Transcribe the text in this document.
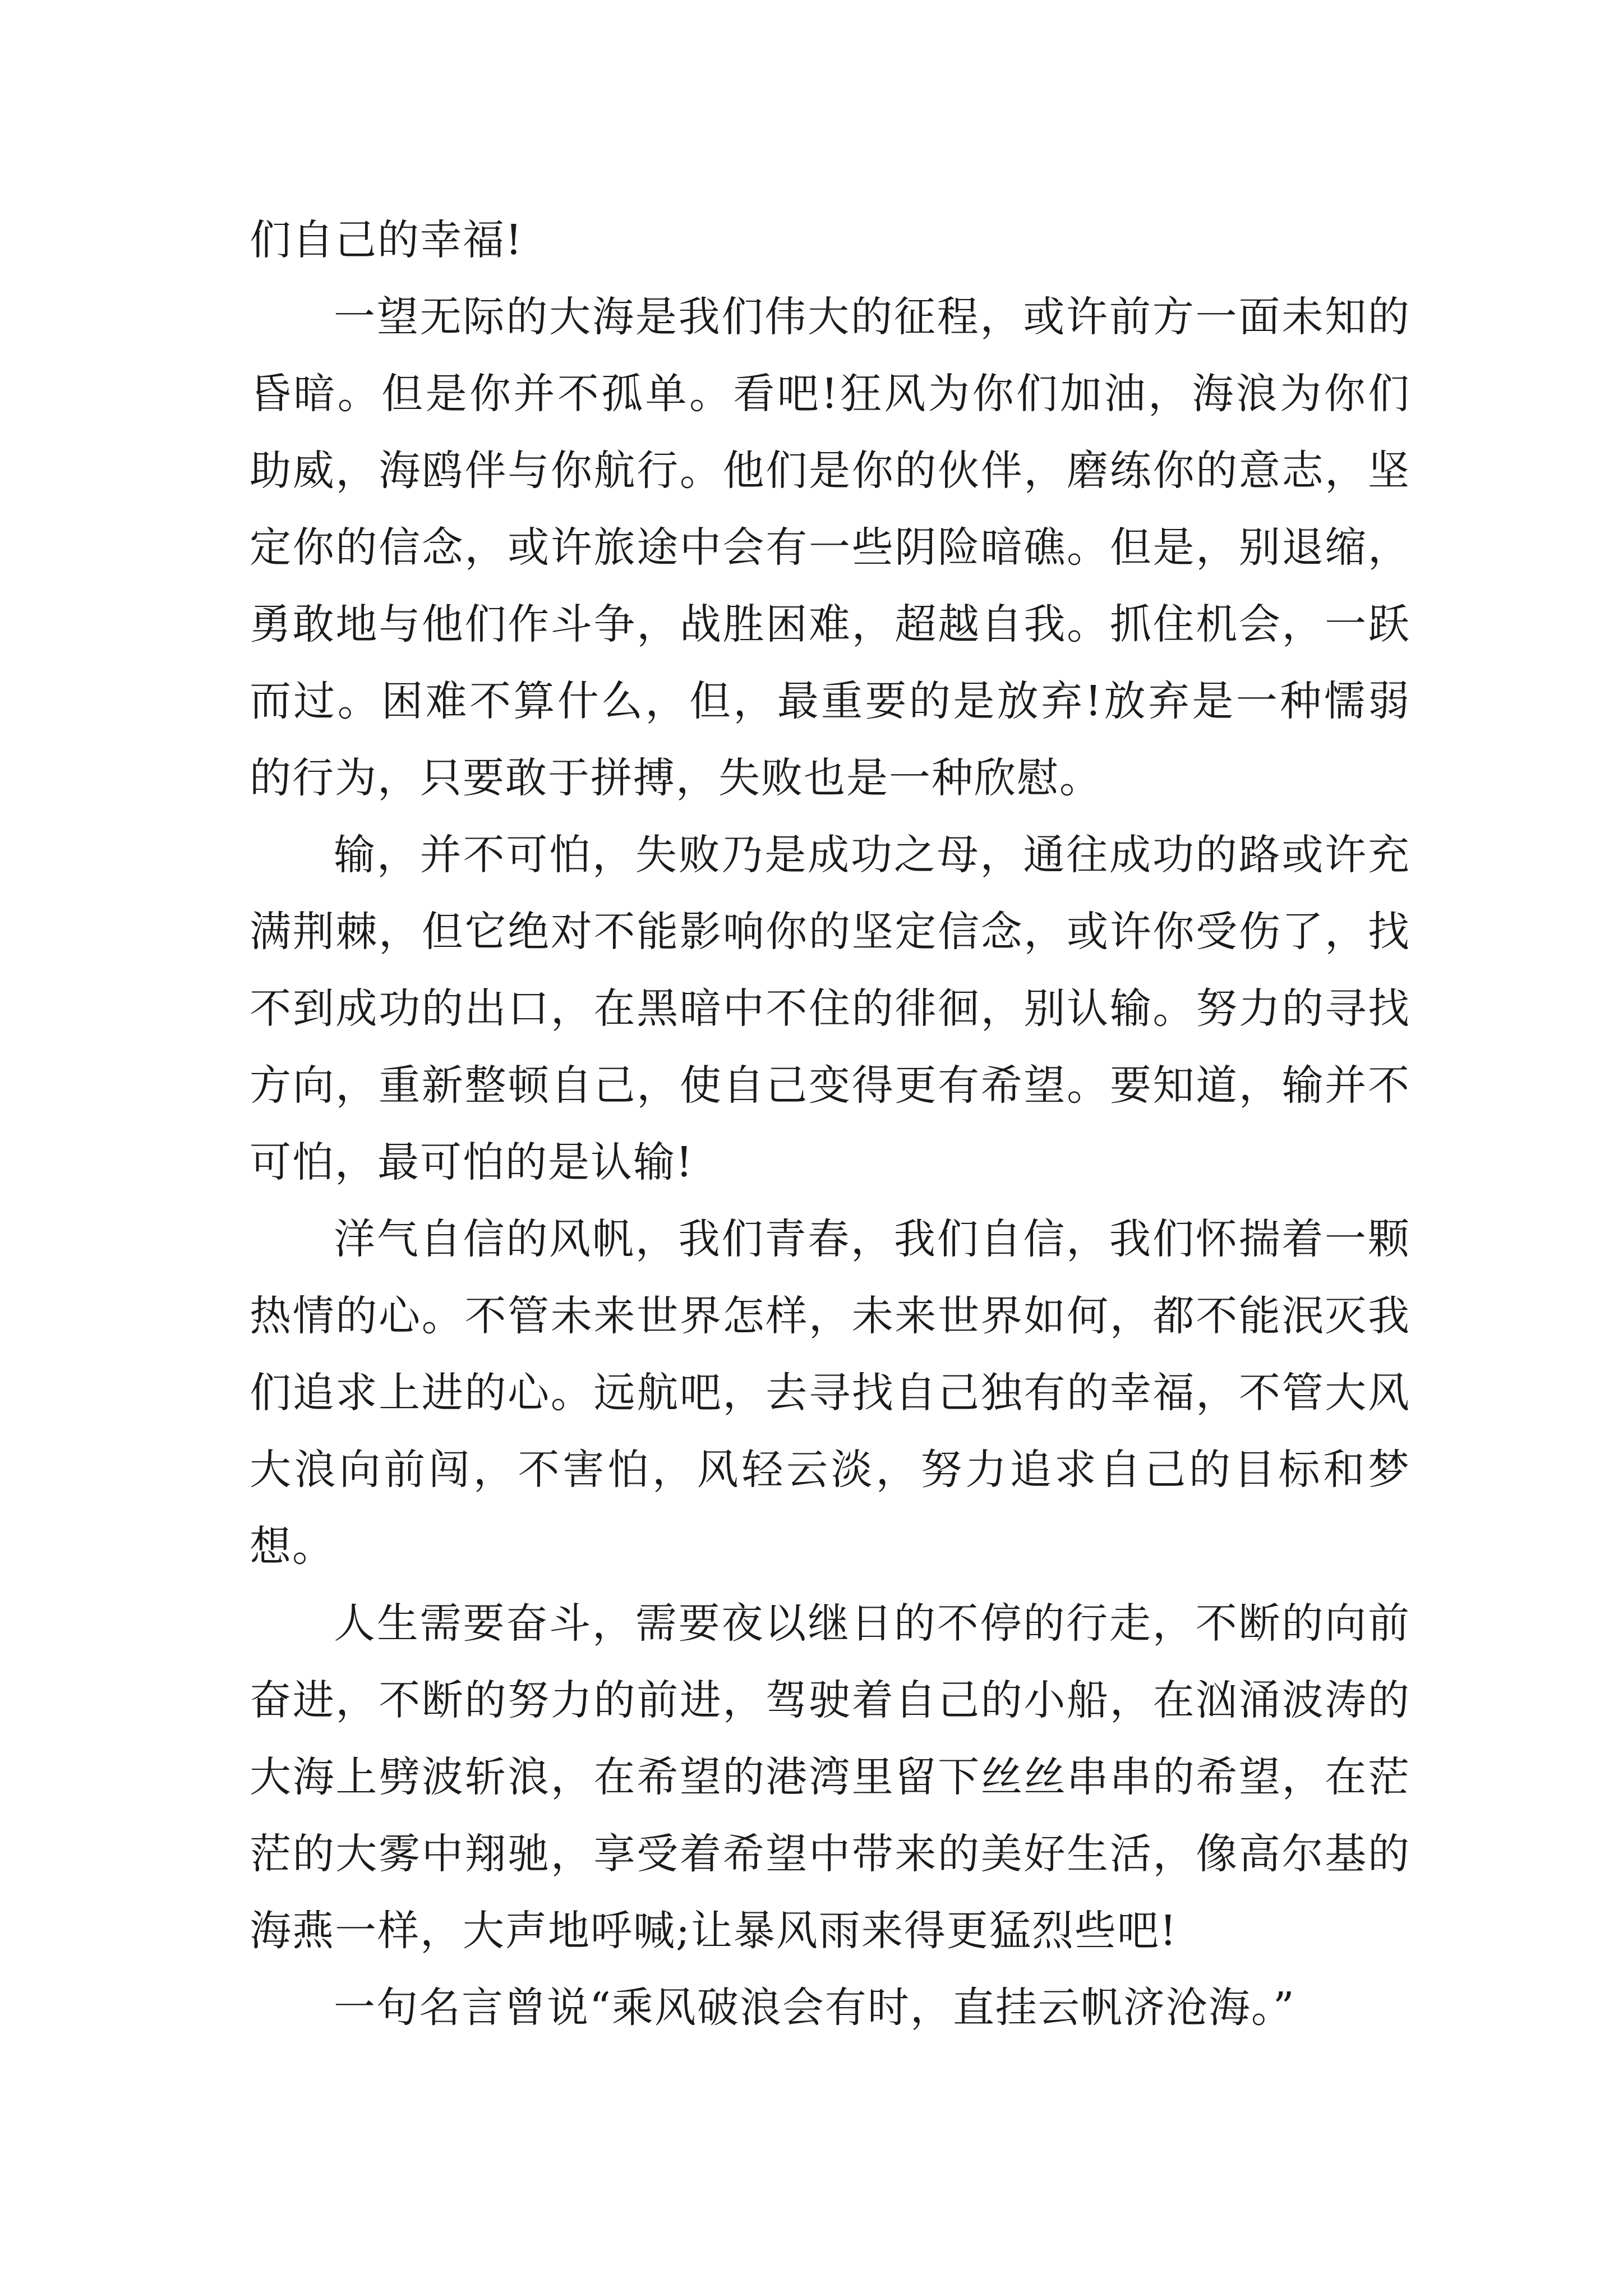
们自己的幸福!

一望无际的大海是我们伟大的征程，或许前方一面未知的昏暗。但是你并不孤单。看吧!狂风为你们加油，海浪为你们助威，海鸥伴与你航行。他们是你的伙伴，磨练你的意志，坚定你的信念，或许旅途中会有一些阴险暗礁。但是，别退缩，勇敢地与他们作斗争，战胜困难，超越自我。抓住机会，一跃而过。困难不算什么，但，最重要的是放弃!放弃是一种懦弱的行为，只要敢于拼搏，失败也是一种欣慰。

输，并不可怕，失败乃是成功之母，通往成功的路或许充满荆棘，但它绝对不能影响你的坚定信念，或许你受伤了，找不到成功的出口，在黑暗中不住的徘徊，别认输。努力的寻找方向，重新整顿自己，使自己变得更有希望。要知道，输并不可怕，最可怕的是认输!

洋气自信的风帆，我们青春，我们自信，我们怀揣着一颗热情的心。不管未来世界怎样，未来世界如何，都不能泯灭我们追求上进的心。远航吧，去寻找自己独有的幸福，不管大风大浪向前闯，不害怕，风轻云淡，努力追求自己的目标和梦想。

人生需要奋斗，需要夜以继日的不停的行走，不断的向前奋进，不断的努力的前进，驾驶着自己的小船，在汹涌波涛的大海上劈波斩浪，在希望的港湾里留下丝丝串串的希望，在茫茫的大雾中翔驰，享受着希望中带来的美好生活，像高尔基的海燕一样，大声地呼喊;让暴风雨来得更猛烈些吧!

一句名言曾说“乘风破浪会有时，直挂云帆济沧海。”
